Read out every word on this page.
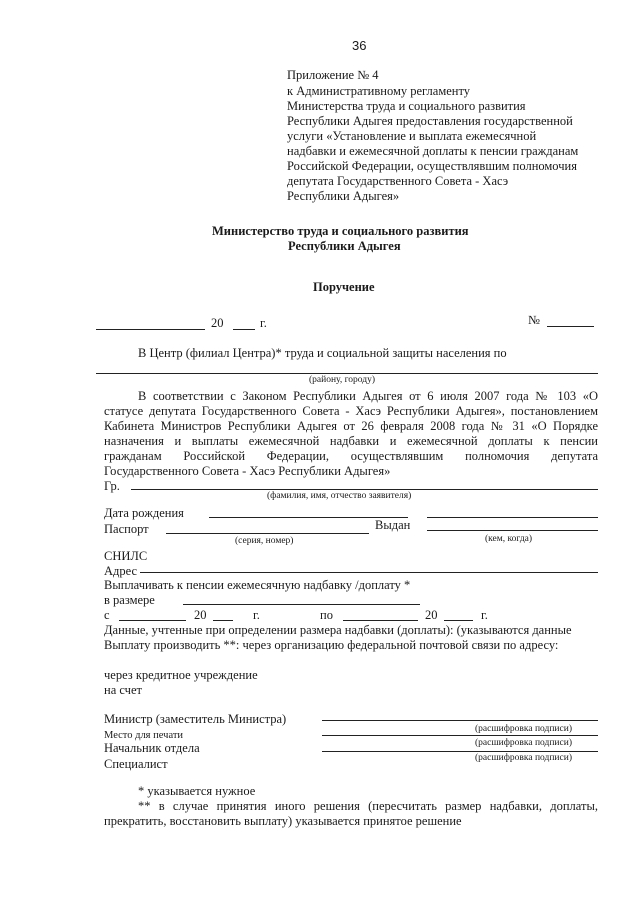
36
Приложение № 4
к Административному регламенту
Министерства труда и социального развития
Республики Адыгея предоставления государственной
услуги «Установление и выплата ежемесячной
надбавки и ежемесячной доплаты к пенсии гражданам
Российской Федерации, осуществлявшим полномочия
депутата Государственного Совета - Хасэ
Республики Адыгея»
Министерство труда и социального развития
Республики Адыгея
Поручение
20	г.	№
В Центр (филиал Центра)* труда и социальной защиты населения по
(району, городу)
В соответствии с Законом Республики Адыгея от 6 июля 2007 года № 103 «О
статусе депутата Государственного Совета - Хасэ Республики Адыгея», постановлением
Кабинета Министров Республики Адыгея от 26 февраля 2008 года № 31 «О Порядке
назначения и выплаты ежемесячной надбавки и ежемесячной доплаты к пенсии
гражданам Российской Федерации, осуществлявшим полномочия депутата
Государственного Совета - Хасэ Республики Адыгея»
Гр.
(фамилия, имя, отчество заявителя)
Дата рождения
Паспорт	Выдан
(серия, номер)	(кем, когда)
СНИЛС
Адрес
Выплачивать к пенсии ежемесячную надбавку /доплату *
в размере
с	20	г.	по	20	г.
Данные, учтенные при определении размера надбавки (доплаты): (указываются данные
Выплату производить **: через организацию федеральной почтовой связи по адресу:
через кредитное учреждение
на счет
Министр (заместитель Министра)
(расшифровка подписи)
Место для печати
Начальник отдела	(расшифровка подписи)
Специалист	(расшифровка подписи)
* указывается нужное
** в случае принятия иного решения (пересчитать размер надбавки, доплаты,
прекратить, восстановить выплату) указывается принятое решение
